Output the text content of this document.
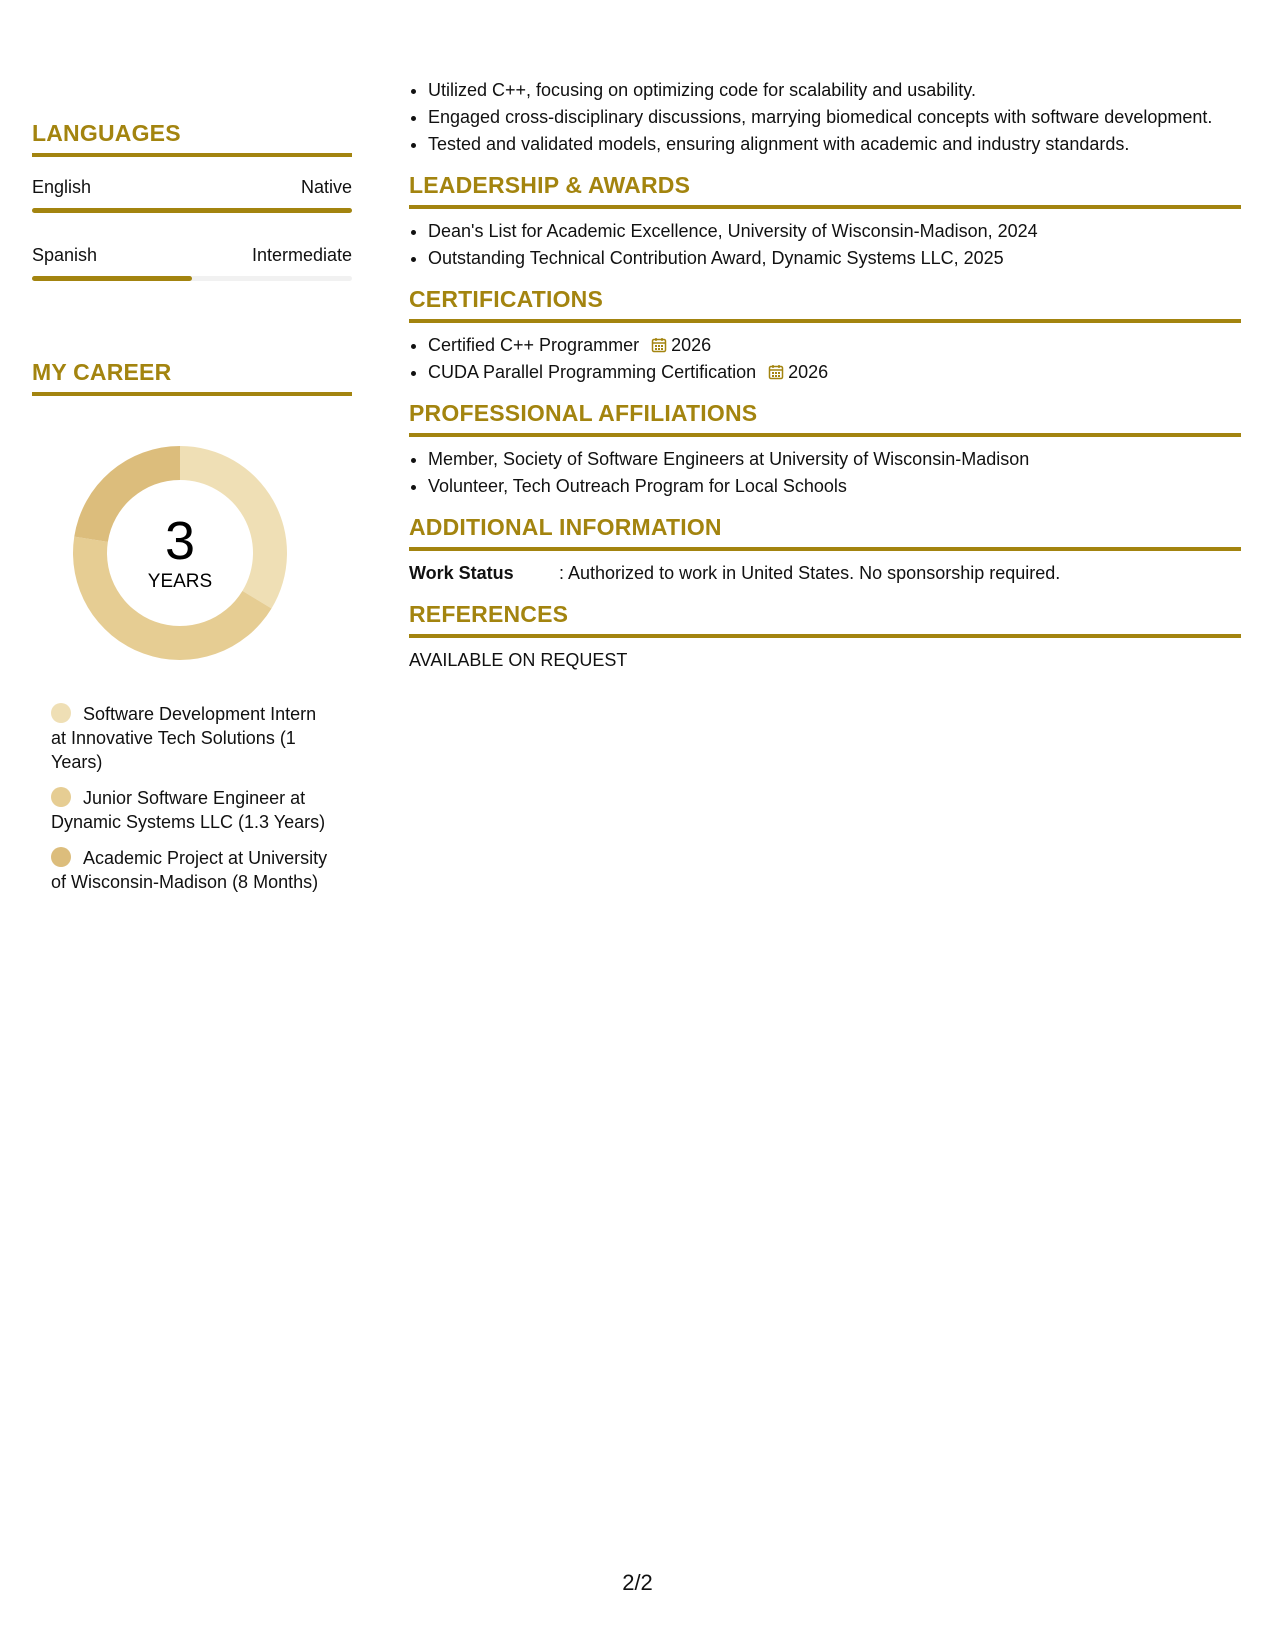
LANGUAGES
English	Native
Spanish	Intermediate
MY CAREER
3
YEARS
Software Development Intern at Innovative Tech Solutions (1 Years)
Junior Software Engineer at Dynamic Systems LLC (1.3 Years)
Academic Project at University of Wisconsin-Madison (8 Months)
• Utilized C++, focusing on optimizing code for scalability and usability.
• Engaged cross-disciplinary discussions, marrying biomedical concepts with software development.
• Tested and validated models, ensuring alignment with academic and industry standards.
LEADERSHIP & AWARDS
• Dean's List for Academic Excellence, University of Wisconsin-Madison, 2024
• Outstanding Technical Contribution Award, Dynamic Systems LLC, 2025
CERTIFICATIONS
• Certified C++ Programmer 2026
• CUDA Parallel Programming Certification 2026
PROFESSIONAL AFFILIATIONS
• Member, Society of Software Engineers at University of Wisconsin-Madison
• Volunteer, Tech Outreach Program for Local Schools
ADDITIONAL INFORMATION
Work Status	: Authorized to work in United States. No sponsorship required.
REFERENCES
AVAILABLE ON REQUEST
2/2
